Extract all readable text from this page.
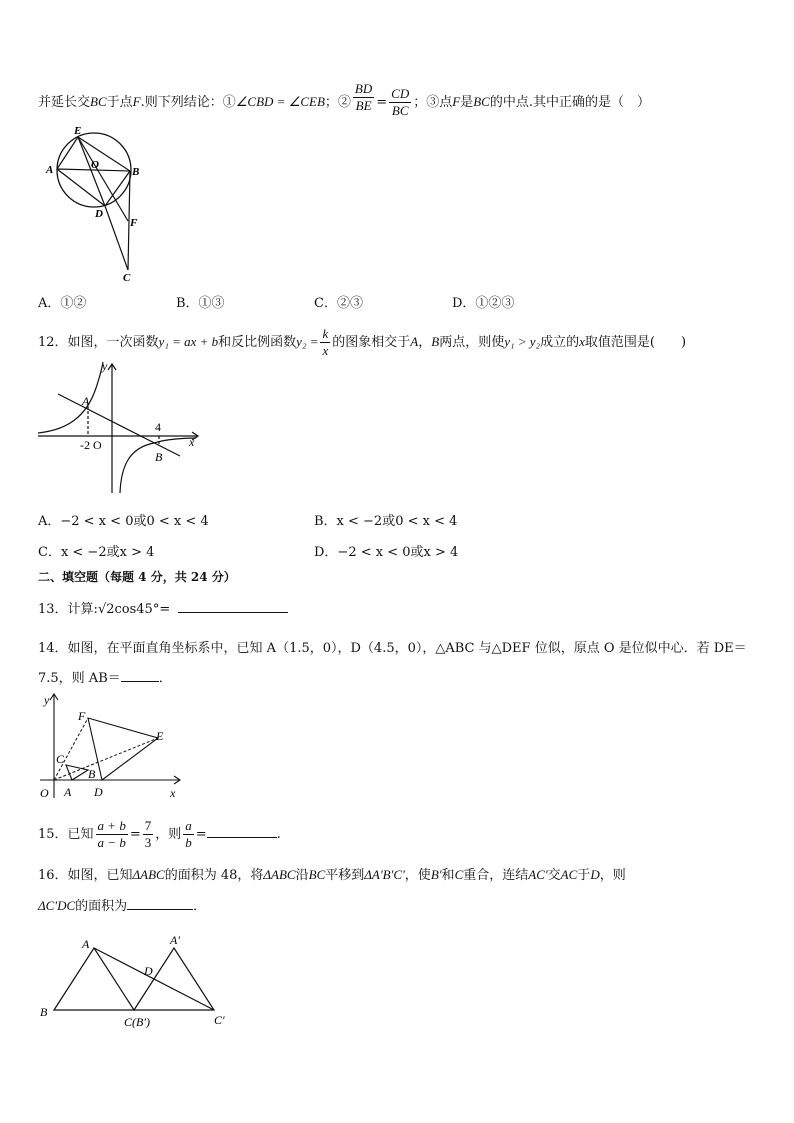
并延长交BC于点F.则下列结论：①∠CBD = ∠CEB；② $\frac{BD}{BE} = \frac{CD}{BC}$ ；③点F是BC的中点.其中正确的是（　）
E
A	O
B
D
F
C
A．①②	B．①③	C．②③	D．①②③
12．如图，一次函数y₁ = ax + b和反比例函数$y_2 = \frac{k}{x}$ 的图象相交于A，B两点，则使y₁ > y₂成立的x取值范围是(　　)
y
x
A
B
-2 O
4
A．−2 < x < 0或0 < x < 4	B．x < −2或0 < x < 4
C．x < −2或x > 4	D．−2 < x < 0或x > 4
二、填空题（每题 4 分，共 24 分）
13．计算:√2cos45°=
14．如图，在平面直角坐标系中，已知 A（1.5，0），D（4.5，0），△ABC 与△DEF 位似，原点 O 是位似中心．若 DE＝
7.5，则 AB＝	．
y
x
O A D
B
C
E
F
15．已知 $\frac{a + b}{a - b} = \frac{7}{3}$ ，则 $\frac{a}{b}$ =	.
16．如图，已知ΔABC的面积为 48，将ΔABC沿BC平移到ΔA'B'C'，使B'和C重合，连结AC'交AC于D，则
ΔC'DC的面积为	．
A	A′
D
B
C(B′)	C′
